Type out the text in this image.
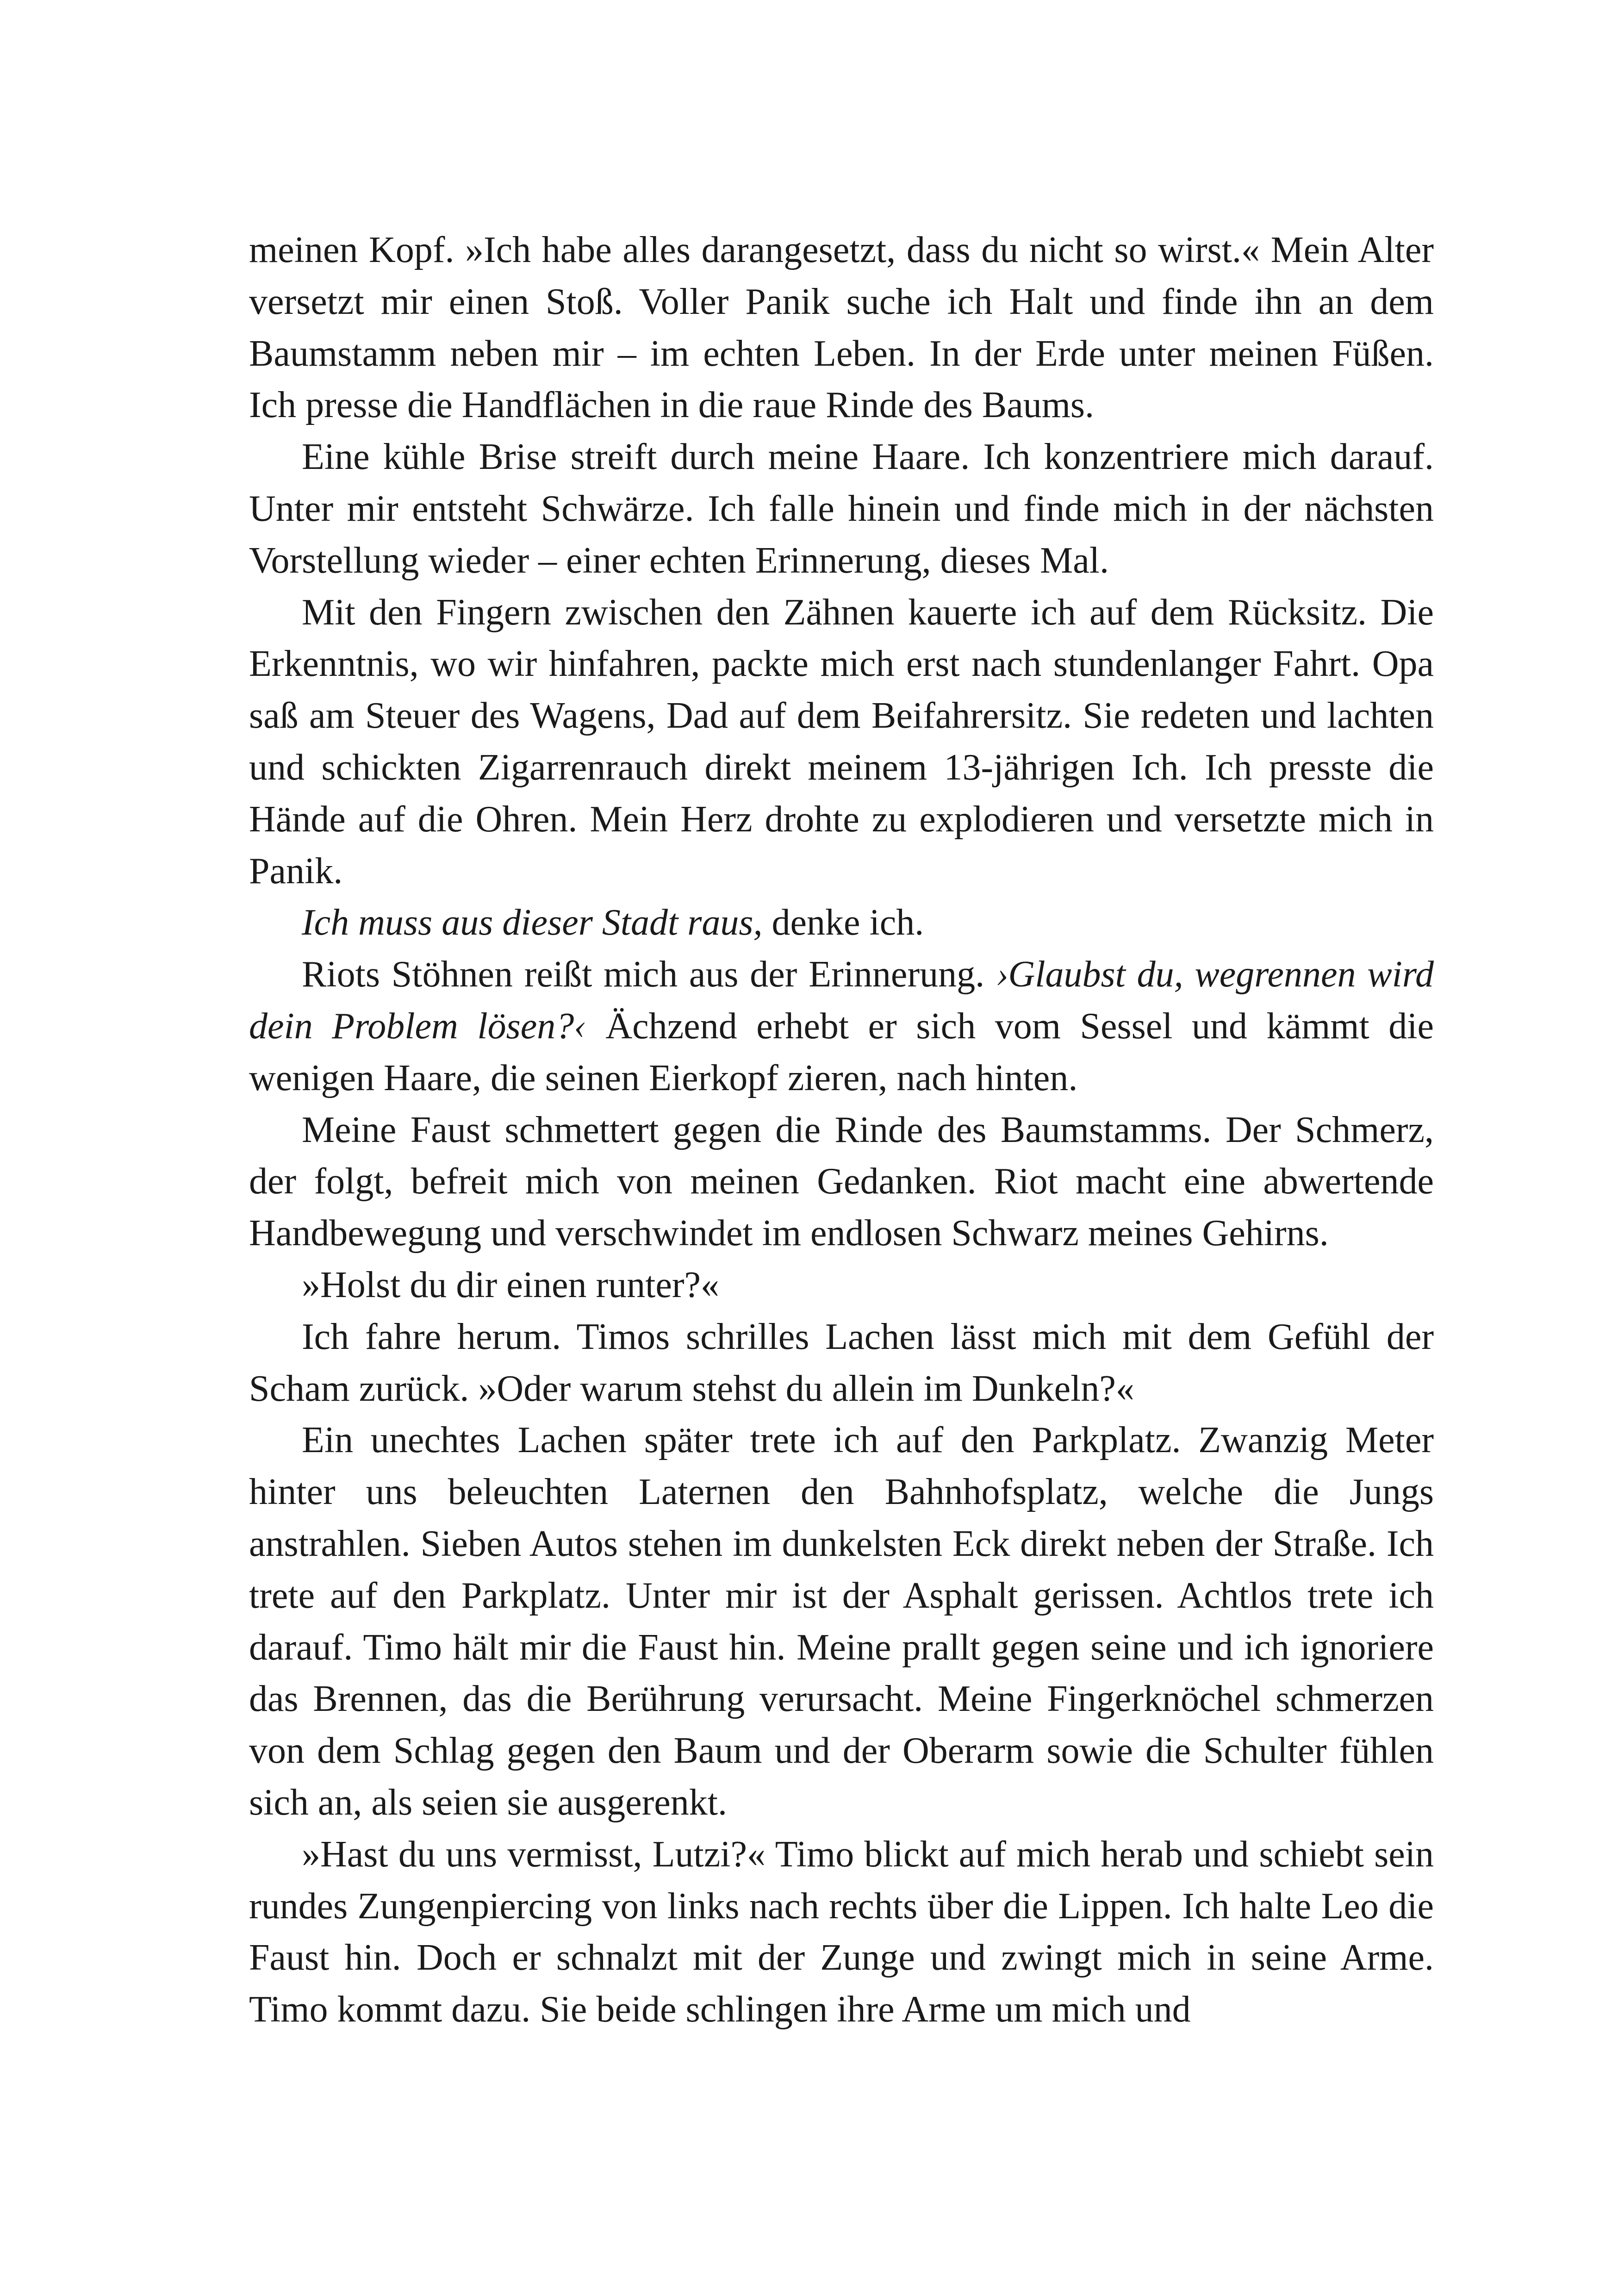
meinen Kopf. »Ich habe alles darangesetzt, dass du nicht so wirst.« Mein Alter versetzt mir einen Stoß. Voller Panik suche ich Halt und finde ihn an dem Baumstamm neben mir – im echten Leben. In der Erde unter meinen Füßen. Ich presse die Handflächen in die raue Rinde des Baums.

Eine kühle Brise streift durch meine Haare. Ich konzentriere mich darauf. Unter mir entsteht Schwärze. Ich falle hinein und finde mich in der nächsten Vorstellung wieder – einer echten Erinnerung, dieses Mal.

Mit den Fingern zwischen den Zähnen kauerte ich auf dem Rücksitz. Die Erkenntnis, wo wir hinfahren, packte mich erst nach stundenlanger Fahrt. Opa saß am Steuer des Wagens, Dad auf dem Beifahrersitz. Sie redeten und lachten und schickten Zigarrenrauch direkt meinem 13-jährigen Ich. Ich presste die Hände auf die Ohren. Mein Herz drohte zu explodieren und versetzte mich in Panik.

Ich muss aus dieser Stadt raus, denke ich.

Riots Stöhnen reißt mich aus der Erinnerung. ›Glaubst du, wegrennen wird dein Problem lösen?‹ Ächzend erhebt er sich vom Sessel und kämmt die wenigen Haare, die seinen Eierkopf zieren, nach hinten.

Meine Faust schmettert gegen die Rinde des Baumstamms. Der Schmerz, der folgt, befreit mich von meinen Gedanken. Riot macht eine abwertende Handbewegung und verschwindet im endlosen Schwarz meines Gehirns.

»Holst du dir einen runter?«

Ich fahre herum. Timos schrilles Lachen lässt mich mit dem Gefühl der Scham zurück. »Oder warum stehst du allein im Dunkeln?«

Ein unechtes Lachen später trete ich auf den Parkplatz. Zwanzig Meter hinter uns beleuchten Laternen den Bahnhofsplatz, welche die Jungs anstrahlen. Sieben Autos stehen im dunkelsten Eck direkt neben der Straße. Ich trete auf den Parkplatz. Unter mir ist der Asphalt gerissen. Achtlos trete ich darauf. Timo hält mir die Faust hin. Meine prallt gegen seine und ich ignoriere das Brennen, das die Berührung verursacht. Meine Fingerknöchel schmerzen von dem Schlag gegen den Baum und der Oberarm sowie die Schulter fühlen sich an, als seien sie ausgerenkt.

»Hast du uns vermisst, Lutzi?« Timo blickt auf mich herab und schiebt sein rundes Zungenpiercing von links nach rechts über die Lippen. Ich halte Leo die Faust hin. Doch er schnalzt mit der Zunge und zwingt mich in seine Arme. Timo kommt dazu. Sie beide schlingen ihre Arme um mich und
